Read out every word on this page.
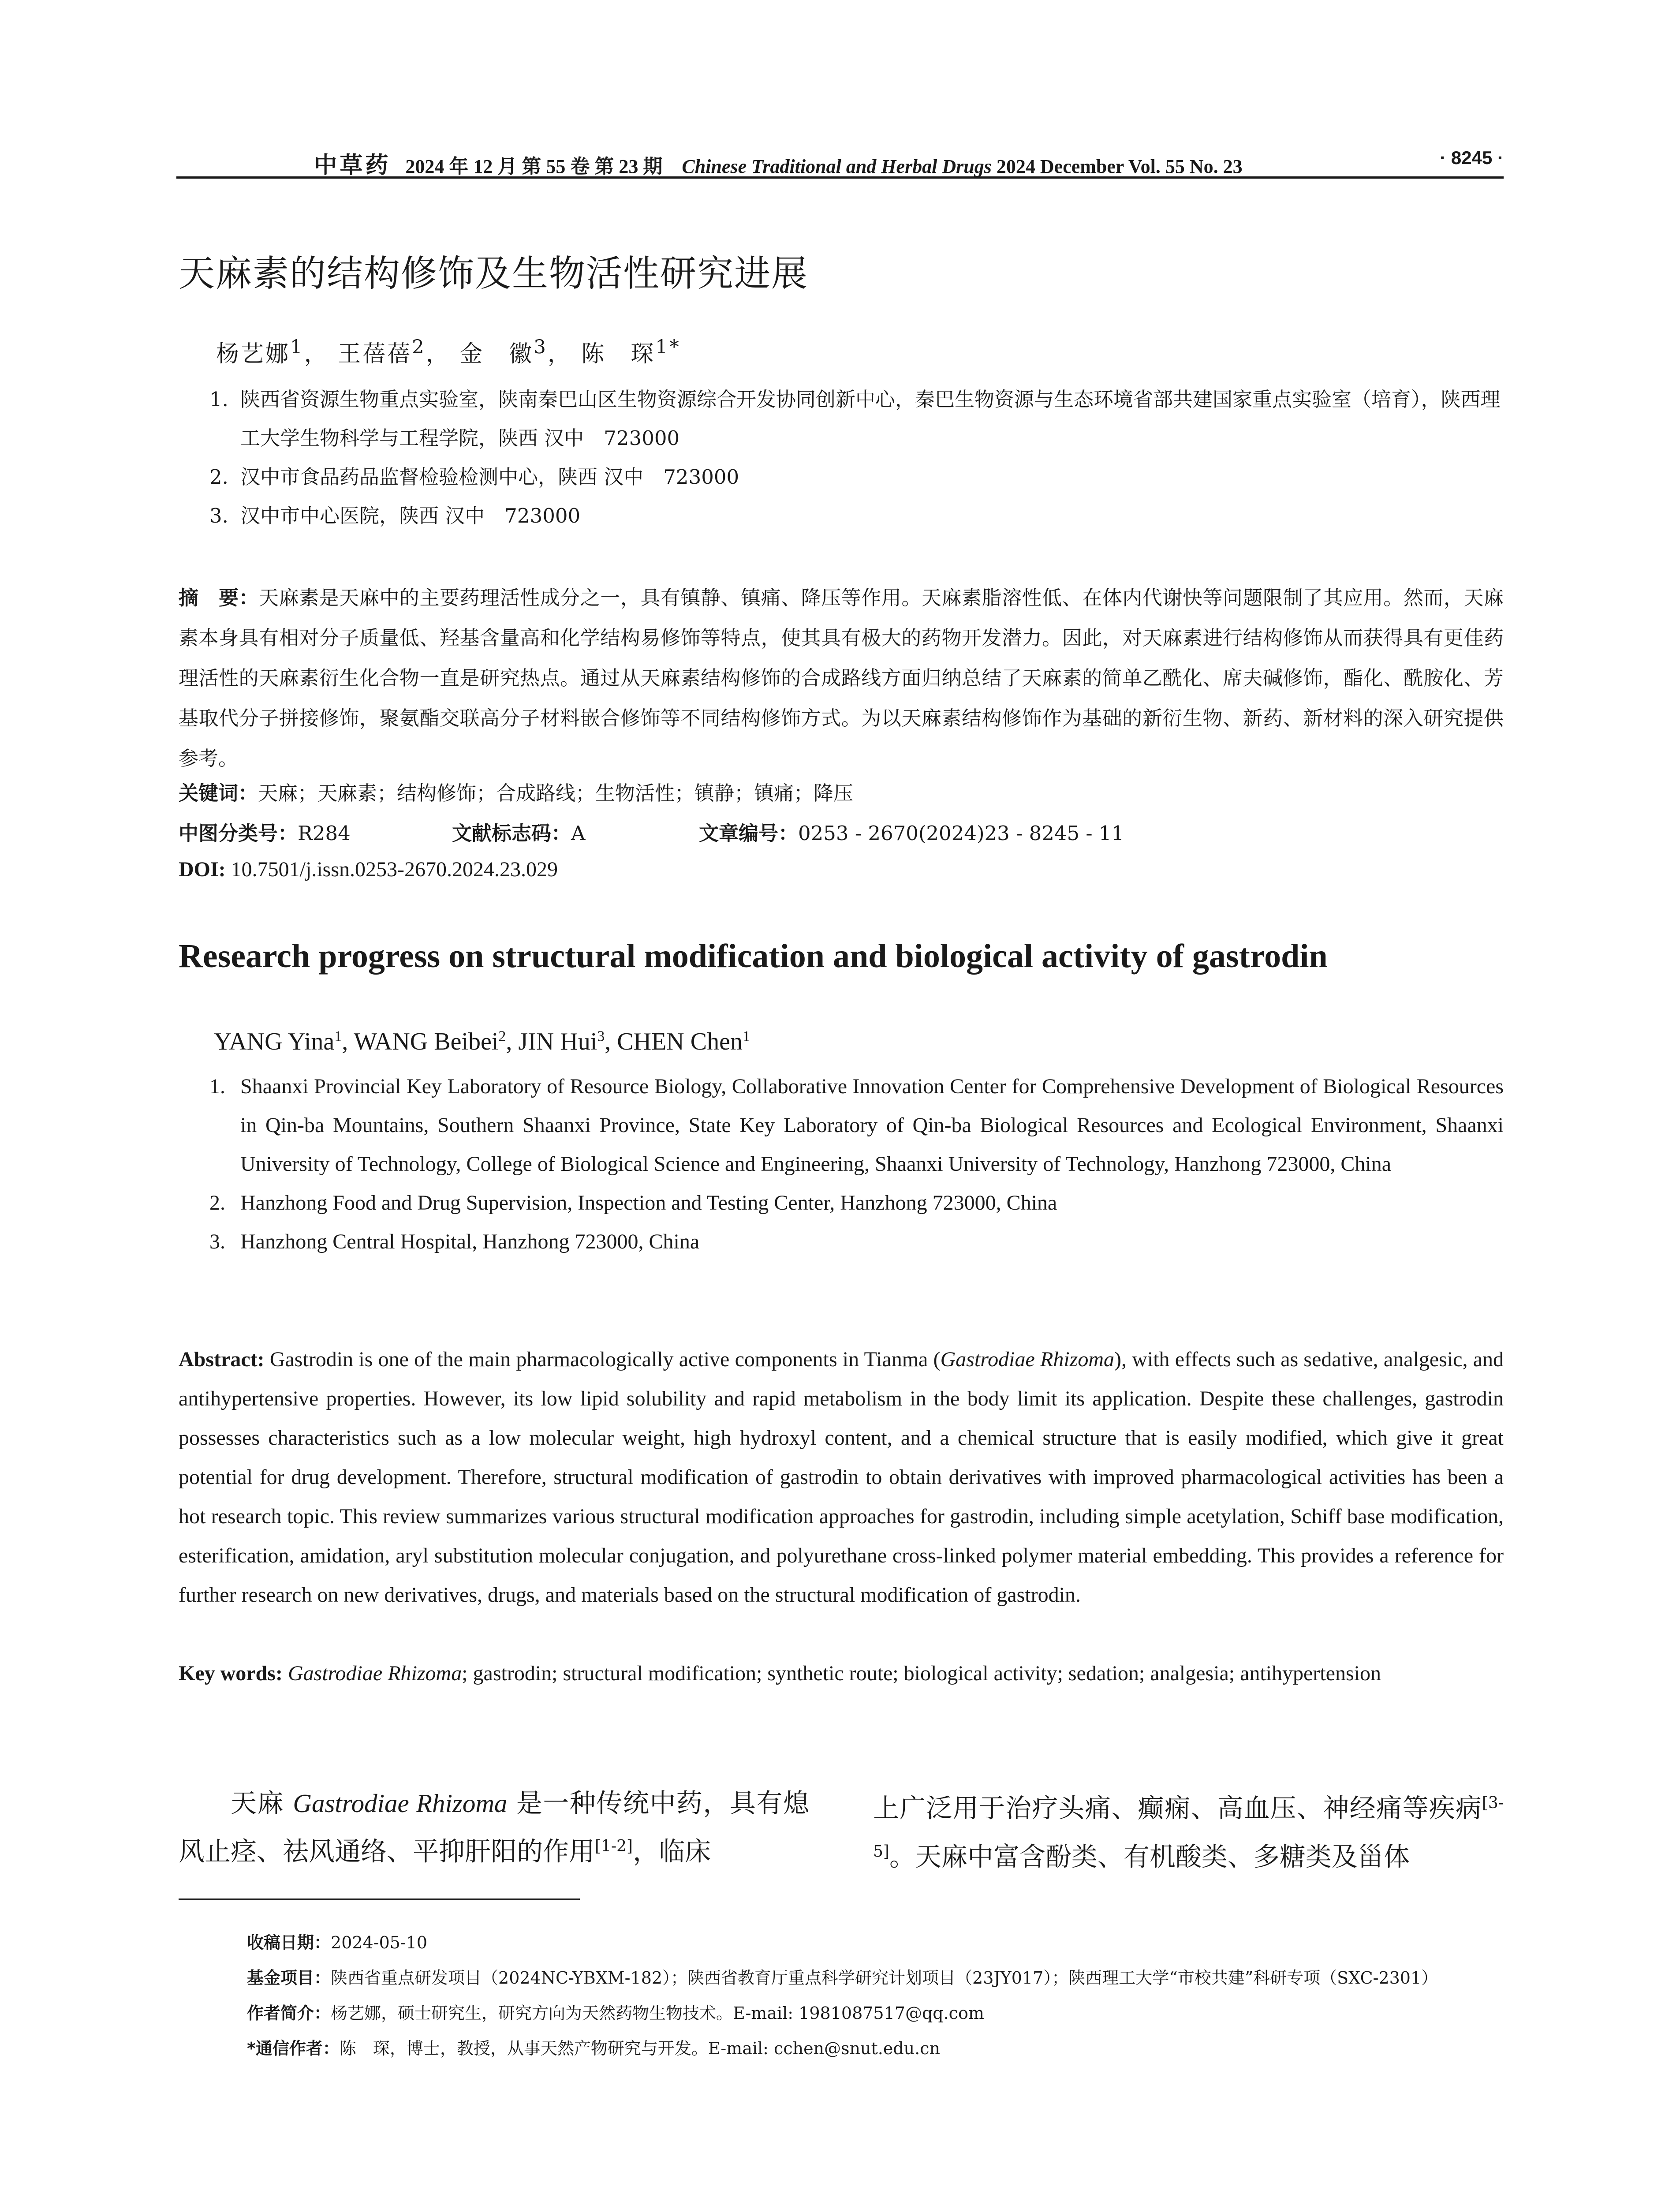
中草药 2024 年 12 月 第 55 卷 第 23 期 Chinese Traditional and Herbal Drugs 2024 December Vol. 55 No. 23	· 8245 ·
天麻素的结构修饰及生物活性研究进展
杨艺娜$^1$， 王蓓蓓$^2$， 金　徽$^3$， 陈　琛$^{1*}$
1. 陕西省资源生物重点实验室，陕南秦巴山区生物资源综合开发协同创新中心，秦巴生物资源与生态环境省部共建国家重点实验室（培育），陕西理工大学生物科学与工程学院，陕西 汉中　723000
2. 汉中市食品药品监督检验检测中心，陕西 汉中　723000
3. 汉中市中心医院，陕西 汉中　723000
摘　要：天麻素是天麻中的主要药理活性成分之一，具有镇静、镇痛、降压等作用。天麻素脂溶性低、在体内代谢快等问题限制了其应用。然而，天麻素本身具有相对分子质量低、羟基含量高和化学结构易修饰等特点，使其具有极大的药物开发潜力。因此，对天麻素进行结构修饰从而获得具有更佳药理活性的天麻素衍生化合物一直是研究热点。通过从天麻素结构修饰的合成路线方面归纳总结了天麻素的简单乙酰化、席夫碱修饰，酯化、酰胺化、芳基取代分子拼接修饰，聚氨酯交联高分子材料嵌合修饰等不同结构修饰方式。为以天麻素结构修饰作为基础的新衍生物、新药、新材料的深入研究提供参考。
关键词：天麻；天麻素；结构修饰；合成路线；生物活性；镇静；镇痛；降压
中图分类号：R284	文献标志码：A	文章编号：0253 - 2670(2024)23 - 8245 - 11
DOI: 10.7501/j.issn.0253-2670.2024.23.029
Research progress on structural modification and biological activity of gastrodin
YANG Yina$^1$, WANG Beibei$^2$, JIN Hui$^3$, CHEN Chen$^1$
1. Shaanxi Provincial Key Laboratory of Resource Biology, Collaborative Innovation Center for Comprehensive Development of Biological Resources in Qin-ba Mountains, Southern Shaanxi Province, State Key Laboratory of Qin-ba Biological Resources and Ecological Environment, Shaanxi University of Technology, College of Biological Science and Engineering, Shaanxi University of Technology, Hanzhong 723000, China
2. Hanzhong Food and Drug Supervision, Inspection and Testing Center, Hanzhong 723000, China
3. Hanzhong Central Hospital, Hanzhong 723000, China
Abstract: Gastrodin is one of the main pharmacologically active components in Tianma (Gastrodiae Rhizoma), with effects such as sedative, analgesic, and antihypertensive properties. However, its low lipid solubility and rapid metabolism in the body limit its application. Despite these challenges, gastrodin possesses characteristics such as a low molecular weight, high hydroxyl content, and a chemical structure that is easily modified, which give it great potential for drug development. Therefore, structural modification of gastrodin to obtain derivatives with improved pharmacological activities has been a hot research topic. This review summarizes various structural modification approaches for gastrodin, including simple acetylation, Schiff base modification, esterification, amidation, aryl substitution molecular conjugation, and polyurethane cross-linked polymer material embedding. This provides a reference for further research on new derivatives, drugs, and materials based on the structural modification of gastrodin.
Key words: Gastrodiae Rhizoma; gastrodin; structural modification; synthetic route; biological activity; sedation; analgesia; antihypertension
天麻 Gastrodiae Rhizoma 是一种传统中药，具有熄风止痉、祛风通络、平抑肝阳的作用[1-2]，临床
上广泛用于治疗头痛、癫痫、高血压、神经痛等疾病[3-5]。天麻中富含酚类、有机酸类、多糖类及甾体
收稿日期： 2024-05-10
基金项目： 陕西省重点研发项目（2024NC-YBXM-182）；陕西省教育厅重点科学研究计划项目（23JY017）；陕西理工大学“市校共建”科研专项（SXC-2301）
作者简介： 杨艺娜，硕士研究生，研究方向为天然药物生物技术。E-mail: 1981087517@qq.com
*通信作者： 陈　琛，博士，教授，从事天然产物研究与开发。E-mail: cchen@snut.edu.cn
